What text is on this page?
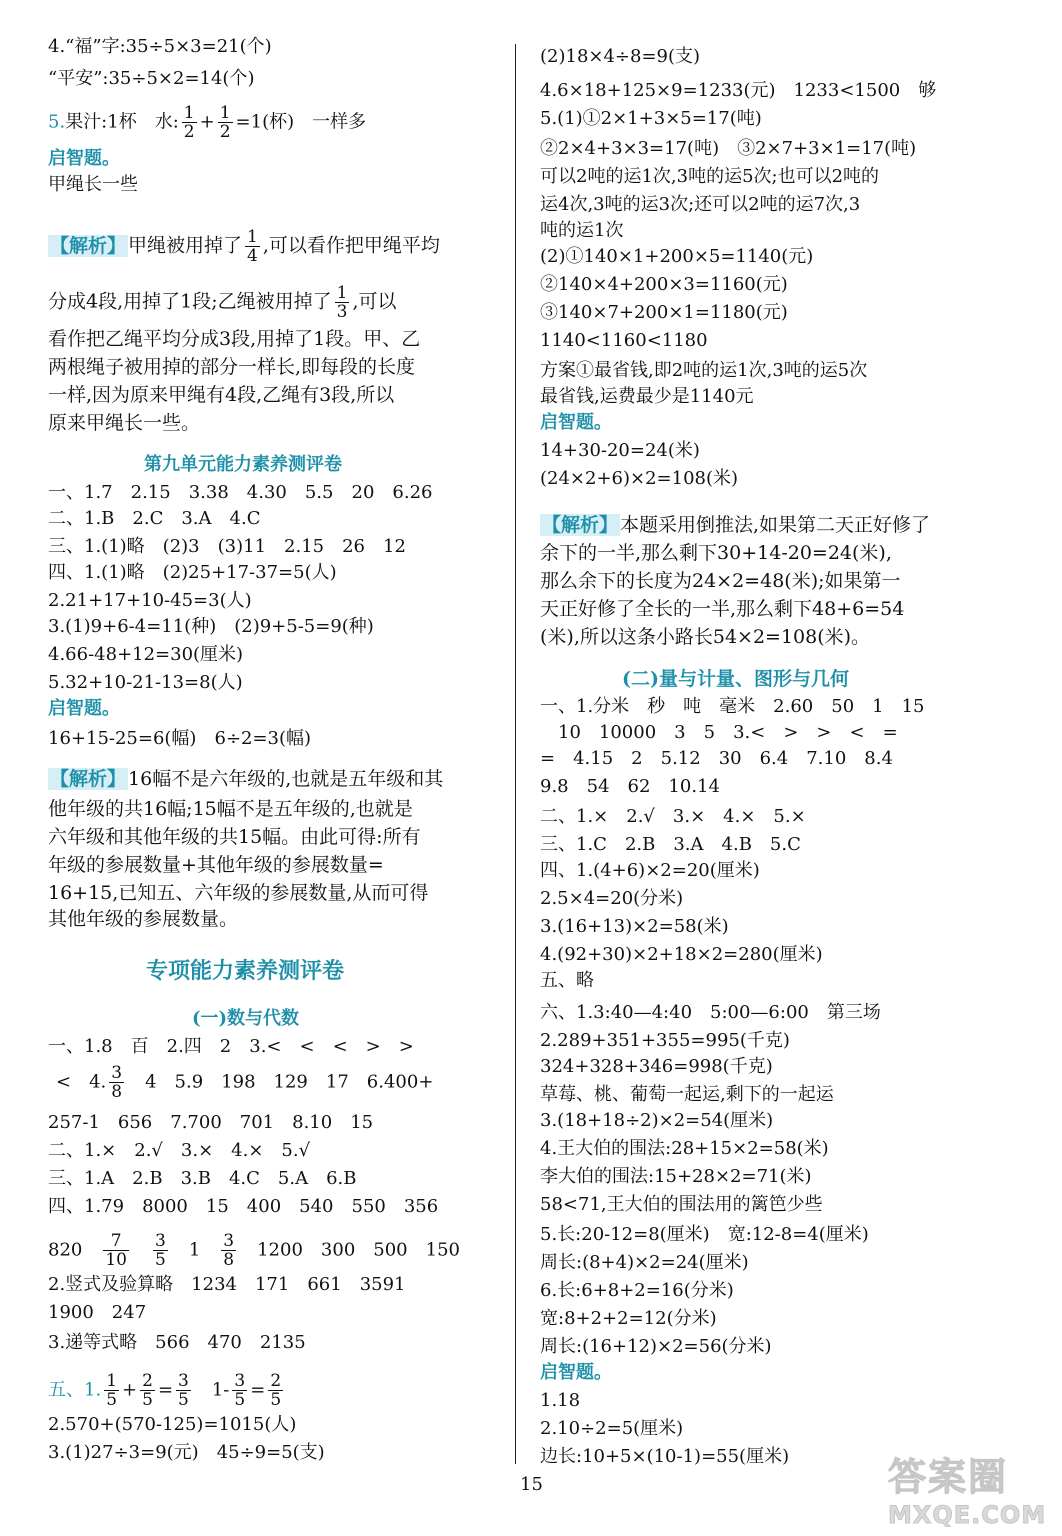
4.“福”字:35÷5×3=21(个)
“平安”:35÷5×2=14(个)
5.果汁:1杯　水: $\frac{1}{2} + \frac{1}{2} =1$(杯)　一样多
启智题。
甲绳长一些
【解析】 甲绳被用掉了 $\frac{1}{4}$ ,可以看作把甲绳平均
分成4段,用掉了1段;乙绳被用掉了 $\frac{1}{3}$ ,可以
看作把乙绳平均分成3段,用掉了1段。甲、乙
两根绳子被用掉的部分一样长,即每段的长度
一样,因为原来甲绳有4段,乙绳有3段,所以
原来甲绳长一些。
第九单元能力素养测评卷
一、1.7　2.15　3.38　4.30　5.5　20　6.26
二、1.B　2.C　3.A　4.C
三、1.(1)略　(2)3　(3)11　2.15　26　12
四、1.(1)略　(2)25+17-37=5(人)
2.21+17+10-45=3(人)
3.(1)9+6-4=11(种)　(2)9+5-5=9(种)
4.66-48+12=30(厘米)
5.32+10-21-13=8(人)
启智题。
16+15-25=6(幅)　6÷2=3(幅)
【解析】 16幅不是六年级的,也就是五年级和其
他年级的共16幅;15幅不是五年级的,也就是
六年级和其他年级的共15幅。由此可得:所有
年级的参展数量+其他年级的参展数量=
16+15,已知五、六年级的参展数量,从而可得
其他年级的参展数量。
专项能力素养测评卷
(一)数与代数
一、1.8　百　2.四　2　3.<　<　<　>　>
<　4. $\frac{3}{8}$ 　4　5.9　198　129　17　6.400+
257-1　656　7.700　701　8.10　15
二、1.×　2.√　3.×　4.×　5.√
三、1.A　2.B　3.B　4.C　5.A　6.B
四、1.79　8000　15　400　540　550　356
820　 $\frac{7}{10}$
　 $\frac{3}{5}$
　 1　 $\frac{3}{8}$
　 1200　300　500　150
2.竖式及验算略　1234　171　661　3591
1900　247
3.递等式略　566　470　2135
五、1. $\frac{1}{5} + \frac{2}{5} = \frac{3}{5}$
　 $1- \frac{3}{5} = \frac{2}{5}$
2.570+(570-125)=1015(人)
3.(1)27÷3=9(元)　45÷9=5(支)
(2)18×4÷8=9(支)
4.6×18+125×9=1233(元)　1233<1500　够
5.(1)①2×1+3×5=17(吨)
②2×4+3×3=17(吨)　③2×7+3×1=17(吨)
可以2吨的运1次,3吨的运5次;也可以2吨的
运4次,3吨的运3次;还可以2吨的运7次,3
吨的运1次
(2)①140×1+200×5=1140(元)
②140×4+200×3=1160(元)
③140×7+200×1=1180(元)
1140<1160<1180
方案①最省钱,即2吨的运1次,3吨的运5次
最省钱,运费最少是1140元
启智题。
14+30-20=24(米)
(24×2+6)×2=108(米)
【解析】 本题采用倒推法,如果第二天正好修了
余下的一半,那么剩下30+14-20=24(米),
那么余下的长度为24×2=48(米);如果第一
天正好修了全长的一半,那么剩下48+6=54
(米),所以这条小路长54×2=108(米)。
(二)量与计量、图形与几何
一、1.分米　秒　吨　毫米　2.60　50　1　15
10　10000　3　5　3.<　>　>　<　=
=　4.15　2　5.12　30　6.4　7.10　8.4
9.8　54　62　10.14
二、1.×　2.√　3.×　4.×　5.×
三、1.C　2.B　3.A　4.B　5.C
四、1.(4+6)×2=20(厘米)
2.5×4=20(分米)
3.(16+13)×2=58(米)
4.(92+30)×2+18×2=280(厘米)
五、略
六、1.3:40—4:40　5:00—6:00　第三场
2.289+351+355=995(千克)
324+328+346=998(千克)
草莓、桃、葡萄一起运,剩下的一起运
3.(18+18÷2)×2=54(厘米)
4.王大伯的围法:28+15×2=58(米)
李大伯的围法:15+28×2=71(米)
58<71,王大伯的围法用的篱笆少些
5.长:20-12=8(厘米)　宽:12-8=4(厘米)
周长:(8+4)×2=24(厘米)
6.长:6+8+2=16(分米)
宽:8+2+2=12(分米)
周长:(16+12)×2=56(分米)
启智题。
1.18
2.10÷2=5(厘米)
边长:10+5×(10-1)=55(厘米)
15	答案圈
MXQE.COM
